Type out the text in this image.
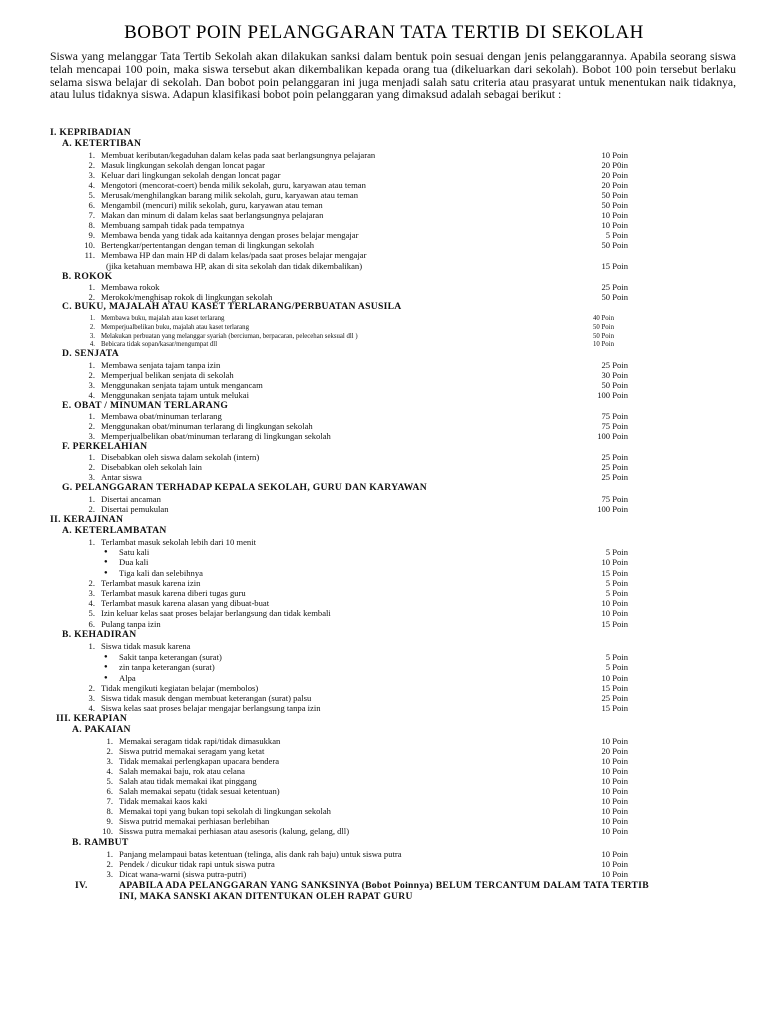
BOBOT POIN PELANGGARAN TATA TERTIB DI SEKOLAH
Siswa yang melanggar Tata Tertib Sekolah akan dilakukan sanksi dalam bentuk poin sesuai dengan jenis pelanggarannya. Apabila seorang siswa telah mencapai 100 poin, maka siswa tersebut akan dikembalikan kepada orang tua (dikeluarkan dari sekolah). Bobot 100 poin tersebut berlaku selama siswa belajar di sekolah. Dan bobot poin pelanggaran ini juga menjadi salah satu criteria atau prasyarat untuk menentukan naik tidaknya, atau lulus tidaknya siswa. Adapun klasifikasi bobot poin pelanggaran yang dimaksud adalah sebagai berikut :
I. KEPRIBADIAN
A. KETERTIBAN
1. Membuat keributan/kegaduhan dalam kelas pada saat berlangsungnya pelajaran	10 Poin
2. Masuk lingkungan sekolah dengan loncat pagar	20 P0in
3. Keluar dari lingkungan sekolah dengan loncat pagar	20 Poin
4. Mengotori (mencorat-coert) benda milik sekolah, guru, karyawan atau teman	20 Poin
5. Merusak/menghilangkan barang milik sekolah, guru, karyawan atau teman	50 Poin
6. Mengambil (mencuri) milik sekolah, guru, karyawan atau teman	50 Poin
7. Makan dan minum di dalam kelas saat berlangsungnya pelajaran	10 Poin
8. Membuang sampah tidak pada tempatnya	10 Poin
9. Membawa benda yang tidak ada kaitannya dengan proses belajar mengajar	5 Poin
10. Bertengkar/pertentangan dengan teman di lingkungan sekolah	50 Poin
11. Membawa HP dan main HP di dalam kelas/pada saat proses belajar mengajar
(jika ketahuan membawa HP, akan di sita sekolah dan tidak dikembalikan)	15 Poin
B. ROKOK
1. Membawa rokok	25 Poin
2. Merokok/menghisap rokok di lingkungan sekolah	50 Poin
C. BUKU, MAJALAH ATAU KASET TERLARANG/PERBUATAN ASUSILA
1. Membawa buku, majalah atau kaset terlarang	40 Poin
2. Memperjualbelikan buku, majalah atau kaset terlarang	50 Poin
3. Melakukan perbuatan yang melanggar syariah (berciuman, berpacaran, pelecehan seksual dll )	50 Poin
4. Bebicara tidak sopan/kasar/mengumpat dll	10 Poin
D. SENJATA
1. Membawa senjata tajam tanpa izin	25 Poin
2. Memperjual belikan senjata di sekolah	30 Poin
3. Menggunakan senjata tajam untuk mengancam	50 Poin
4. Menggunakan senjata tajam untuk melukai	100 Poin
E. OBAT / MINUMAN TERLARANG
1. Membawa obat/minuman terlarang	75 Poin
2. Menggunakan obat/minuman terlarang di lingkungan sekolah	75 Poin
3. Memperjualbelikan obat/minuman terlarang di lingkungan sekolah	100 Poin
F. PERKELAHIAN
1. Disebabkan oleh siswa dalam sekolah (intern)	25 Poin
2. Disebabkan oleh sekolah lain	25 Poin
3. Antar siswa	25 Poin
G. PELANGGARAN TERHADAP KEPALA SEKOLAH, GURU DAN KARYAWAN
1. Disertai ancaman	75 Poin
2. Disertai pemukulan	100 Poin
II. KERAJINAN
A. KETERLAMBATAN
1. Terlambat masuk sekolah lebih dari 10 menit
● Satu kali	5 Poin
● Dua kali	10 Poin
● Tiga kali dan selebihnya	15 Poin
2. Terlambat masuk karena izin	5 Poin
3. Terlambat masuk karena diberi tugas guru	5 Poin
4. Terlambat masuk karena alasan yang dibuat-buat	10 Poin
5. Izin keluar kelas saat proses belajar berlangsung dan tidak kembali	10 Poin
6. Pulang tanpa izin	15 Poin
B. KEHADIRAN
1. Siswa tidak masuk karena
● Sakit tanpa keterangan (surat)	5 Poin
● zin tanpa keterangan (surat)	5 Poin
● Alpa	10 Poin
2. Tidak mengikuti kegiatan belajar (membolos)	15 Poin
3. Siswa tidak masuk dengan membuat keterangan (surat) palsu	25 Poin
4. Siswa kelas saat proses belajar mengajar berlangsung tanpa izin	15 Poin
III. KERAPIAN
A. PAKAIAN
1. Memakai seragam tidak rapi/tidak dimasukkan	10 Poin
2. Siswa putrid memakai seragam yang ketat	20 Poin
3. Tidak memakai perlengkapan upacara bendera	10 Poin
4. Salah memakai baju, rok atau celana	10 Poin
5. Salah atau tidak memakai ikat pinggang	10 Poin
6. Salah memakai sepatu (tidak sesuai ketentuan)	10 Poin
7. Tidak memakai kaos kaki	10 Poin
8. Memakai topi yang bukan topi sekolah di lingkungan sekolah	10 Poin
9. Siswa putrid memakai perhiasan berlebihan	10 Poin
10. Sisswa putra memakai perhiasan atau asesoris (kalung, gelang, dll)	10 Poin
B. RAMBUT
1. Panjang melampaui batas ketentuan (telinga, alis dank rah baju) untuk siswa putra	10 Poin
2. Pendek / dicukur tidak rapi untuk siswa putra	10 Poin
3. Dicat wana-warni (siswa putra-putri)	10 Poin
IV.	APABILA ADA PELANGGARAN YANG SANKSINYA (Bobot Poinnya) BELUM TERCANTUM DALAM TATA TERTIB
INI, MAKA SANSKI AKAN DITENTUKAN OLEH RAPAT GURU
